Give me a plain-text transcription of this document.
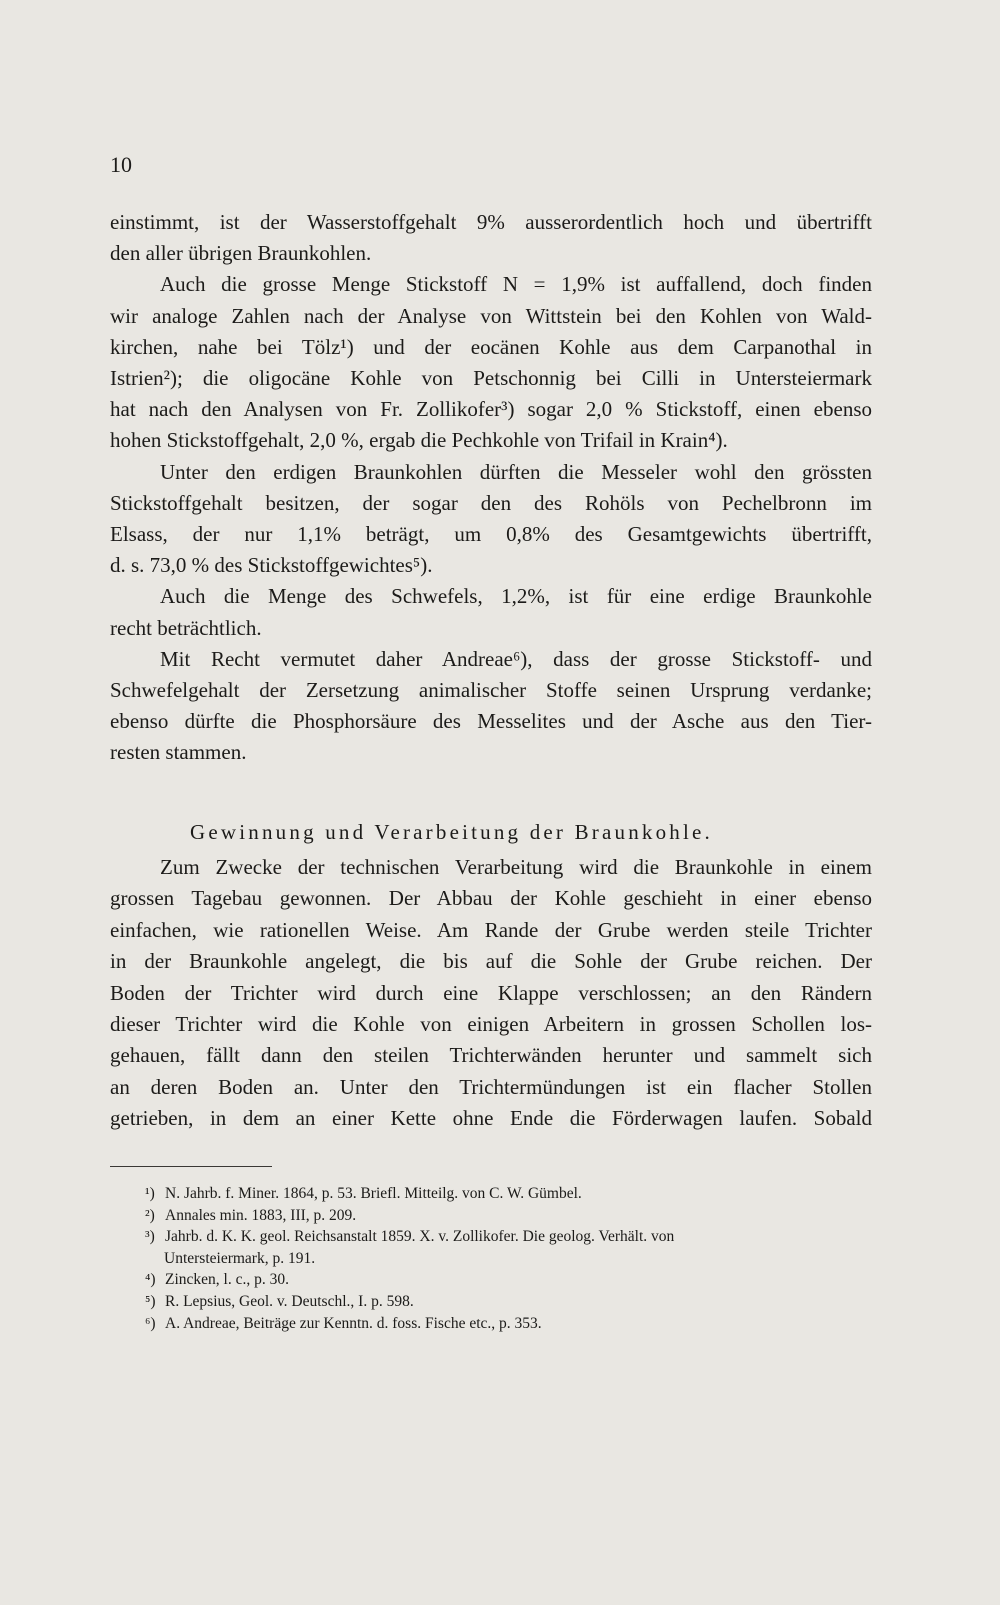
10
einstimmt, ist der Wasserstoffgehalt 9% ausserordentlich hoch und übertrifft
den aller übrigen Braunkohlen.
Auch die grosse Menge Stickstoff N = 1,9% ist auffallend, doch finden
wir analoge Zahlen nach der Analyse von Wittstein bei den Kohlen von Wald-
kirchen, nahe bei Tölz¹) und der eocänen Kohle aus dem Carpanothal in
Istrien²); die oligocäne Kohle von Petschonnig bei Cilli in Untersteiermark
hat nach den Analysen von Fr. Zollikofer³) sogar 2,0 % Stickstoff, einen ebenso
hohen Stickstoffgehalt, 2,0 %, ergab die Pechkohle von Trifail in Krain⁴).
Unter den erdigen Braunkohlen dürften die Messeler wohl den grössten
Stickstoffgehalt besitzen, der sogar den des Rohöls von Pechelbronn im
Elsass, der nur 1,1% beträgt, um 0,8% des Gesamtgewichts übertrifft,
d. s. 73,0 % des Stickstoffgewichtes⁵).
Auch die Menge des Schwefels, 1,2%, ist für eine erdige Braunkohle
recht beträchtlich.
Mit Recht vermutet daher Andreae⁶), dass der grosse Stickstoff- und
Schwefelgehalt der Zersetzung animalischer Stoffe seinen Ursprung verdanke;
ebenso dürfte die Phosphorsäure des Messelites und der Asche aus den Tier-
resten stammen.
Gewinnung und Verarbeitung der Braunkohle.
Zum Zwecke der technischen Verarbeitung wird die Braunkohle in einem
grossen Tagebau gewonnen. Der Abbau der Kohle geschieht in einer ebenso
einfachen, wie rationellen Weise. Am Rande der Grube werden steile Trichter
in der Braunkohle angelegt, die bis auf die Sohle der Grube reichen. Der
Boden der Trichter wird durch eine Klappe verschlossen; an den Rändern
dieser Trichter wird die Kohle von einigen Arbeitern in grossen Schollen los-
gehauen, fällt dann den steilen Trichterwänden herunter und sammelt sich
an deren Boden an. Unter den Trichtermündungen ist ein flacher Stollen
getrieben, in dem an einer Kette ohne Ende die Förderwagen laufen. Sobald
¹) N. Jahrb. f. Miner. 1864, p. 53. Briefl. Mitteilg. von C. W. Gümbel.
²) Annales min. 1883, III, p. 209.
³) Jahrb. d. K. K. geol. Reichsanstalt 1859. X. v. Zollikofer. Die geolog. Verhält. von
Untersteiermark, p. 191.
⁴) Zincken, l. c., p. 30.
⁵) R. Lepsius, Geol. v. Deutschl., I. p. 598.
⁶) A. Andreae, Beiträge zur Kenntn. d. foss. Fische etc., p. 353.
